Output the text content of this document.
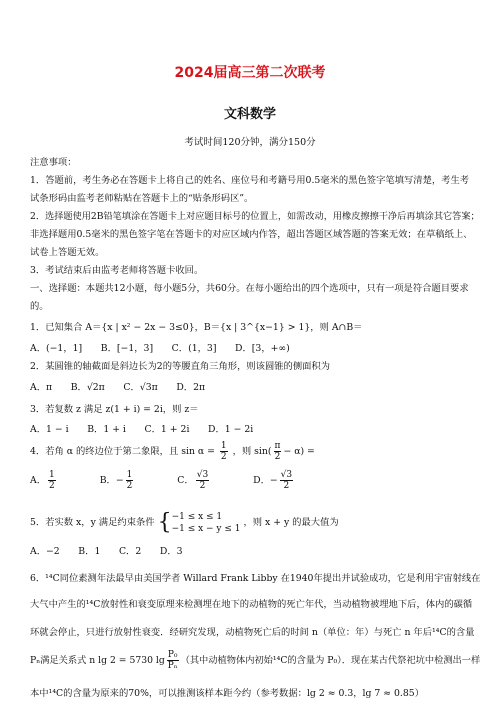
2024届高三第二次联考
文科数学
考试时间120分钟，满分150分
注意事项：
1．答题前，考生务必在答题卡上将自己的姓名、座位号和考籍号用0.5毫米的黑色签字笔填写清楚，考生考
试条形码由监考老师粘贴在答题卡上的“贴条形码区”。
2．选择题使用2B铅笔填涂在答题卡上对应题目标号的位置上，如需改动，用橡皮擦擦干净后再填涂其它答案；
非选择题用0.5毫米的黑色签字笔在答题卡的对应区域内作答，超出答题区域答题的答案无效；在草稿纸上、
试卷上答题无效。
3．考试结束后由监考老师将答题卡收回。
一、选择题：本题共12小题，每小题5分，共60分。在每小题给出的四个选项中，只有一项是符合题目要求
的。
1．已知集合 A＝{x | x² − 2x − 3≤0}，B＝{x | 3^{x−1} > 1}，则 A∩B＝
A．(−1，1]　　B．[−1，3]　　C．(1，3]　　D．[3，+∞)
2．某圆锥的轴截面是斜边长为2的等腰直角三角形，则该圆锥的侧面积为
A．π　　B．√2π　　C．√3π　　D．2π
3．若复数 z 满足 z(1 + i) = 2i，则 z＝
A．1 − i　　B．1 + i　　C．1 + 2i　　D．1 − 2i
4．若角 α 的终边位于第二象限，且 $\sin \alpha = \frac{1}{2}$ ，则 $\sin( \frac{\pi}{2} - \alpha)$ =
A． $\frac{1}{2}$	B．− $\frac{1}{2}$	C． $\frac{√3}{2}$	D．− $\frac{√3}{2}$
5．若实数 x，y 满足约束条件 { −1 ≤ x ≤ 1
−1 ≤ x − y ≤ 1
，则 x + y 的最大值为
A．−2　　B．1　　C．2　　D．3
6．¹⁴C同位素测年法最早由美国学者 Willard Frank Libby 在1940年提出并试验成功，它是利用宇宙射线在
大气中产生的¹⁴C放射性和衰变原理来检测埋在地下的动植物的死亡年代，当动植物被埋地下后，体内的碳循
环就会停止，只进行放射性衰变．经研究发现，动植物死亡后的时间 n（单位：年）与死亡 n 年后¹⁴C的含量
Pₙ满足关系式 n lg 2 = 5730 $\lg \frac{\text{P₀}}{\text{Pₙ}}$ （其中动植物体内初始¹⁴C的含量为 P₀）．现在某古代祭祀坑中检测出一样
本中¹⁴C的含量为原来的70%，可以推测该样本距今约（参考数据：lg 2 ≈ 0.3，lg 7 ≈ 0.85）
